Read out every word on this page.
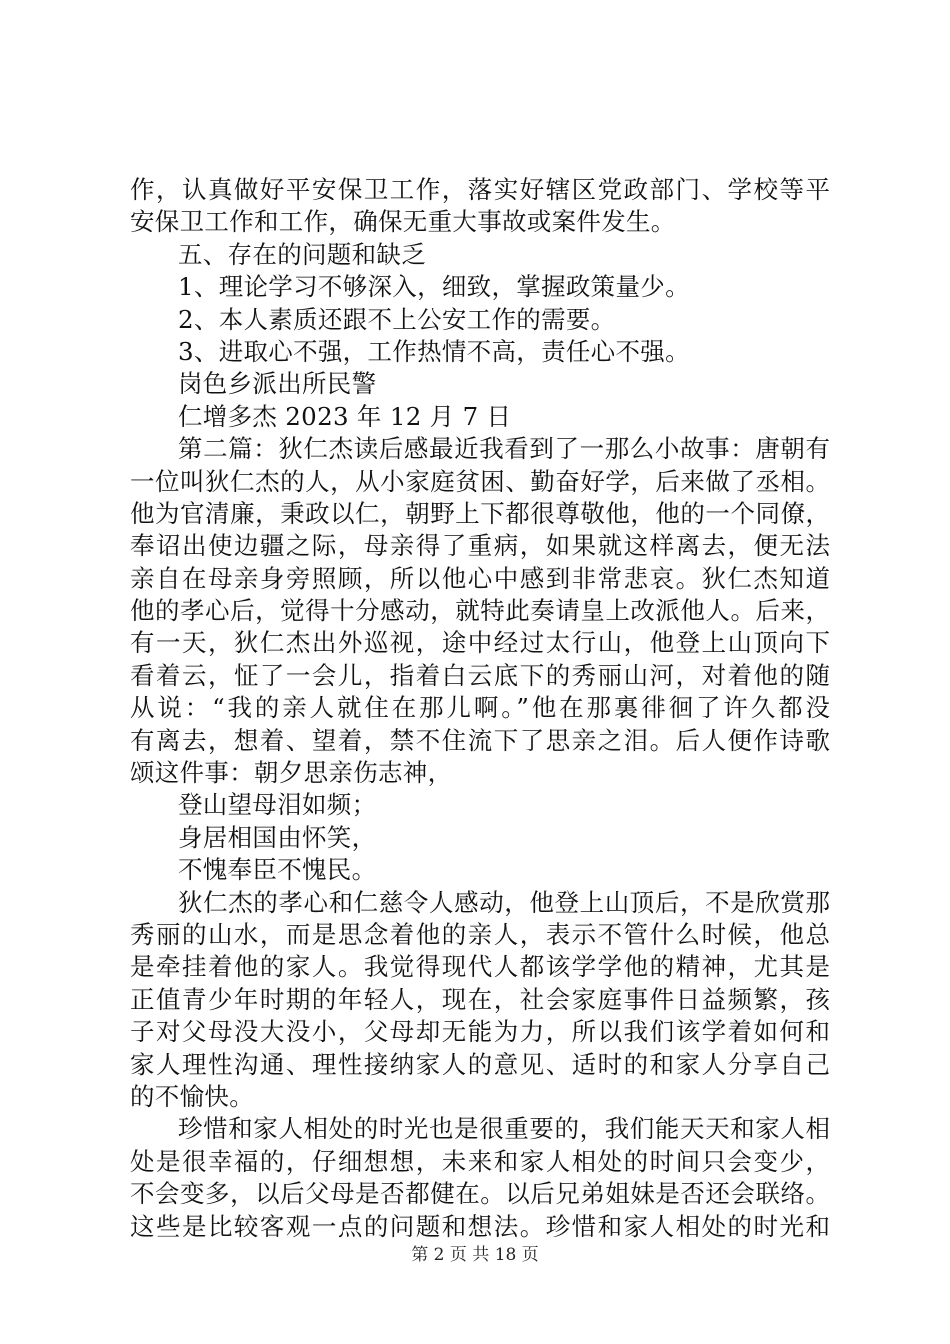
作，认真做好平安保卫工作，落实好辖区党政部门、学校等平
安保卫工作和工作，确保无重大事故或案件发生。
五、存在的问题和缺乏
1、理论学习不够深入，细致，掌握政策量少。
2、本人素质还跟不上公安工作的需要。
3、进取心不强，工作热情不高，责任心不强。
岗色乡派出所民警
仁增多杰 2023 年 12 月 7 日
第二篇：狄仁杰读后感最近我看到了一那么小故事：唐朝有
一位叫狄仁杰的人，从小家庭贫困、勤奋好学，后来做了丞相。
他为官清廉，秉政以仁，朝野上下都很尊敬他，他的一个同僚，
奉诏出使边疆之际，母亲得了重病，如果就这样离去，便无法
亲自在母亲身旁照顾，所以他心中感到非常悲哀。狄仁杰知道
他的孝心后，觉得十分感动，就特此奏请皇上改派他人。后来，
有一天，狄仁杰出外巡视，途中经过太行山，他登上山顶向下
看着云，怔了一会儿，指着白云底下的秀丽山河，对着他的随
从说：“我的亲人就住在那儿啊。”他在那裏徘徊了许久都没
有离去，想着、望着，禁不住流下了思亲之泪。后人便作诗歌
颂这件事：朝夕思亲伤志神，
登山望母泪如频；
身居相国由怀笑，
不愧奉臣不愧民。
狄仁杰的孝心和仁慈令人感动，他登上山顶后，不是欣赏那
秀丽的山水，而是思念着他的亲人，表示不管什么时候，他总
是牵挂着他的家人。我觉得现代人都该学学他的精神，尤其是
正值青少年时期的年轻人，现在，社会家庭事件日益频繁，孩
子对父母没大没小，父母却无能为力，所以我们该学着如何和
家人理性沟通、理性接纳家人的意见、适时的和家人分享自己
的不愉快。
珍惜和家人相处的时光也是很重要的，我们能天天和家人相
处是很幸福的，仔细想想，未来和家人相处的时间只会变少，
不会变多，以后父母是否都健在。以后兄弟姐妹是否还会联络。
这些是比较客观一点的问题和想法。珍惜和家人相处的时光和
第 2 页 共 18 页
